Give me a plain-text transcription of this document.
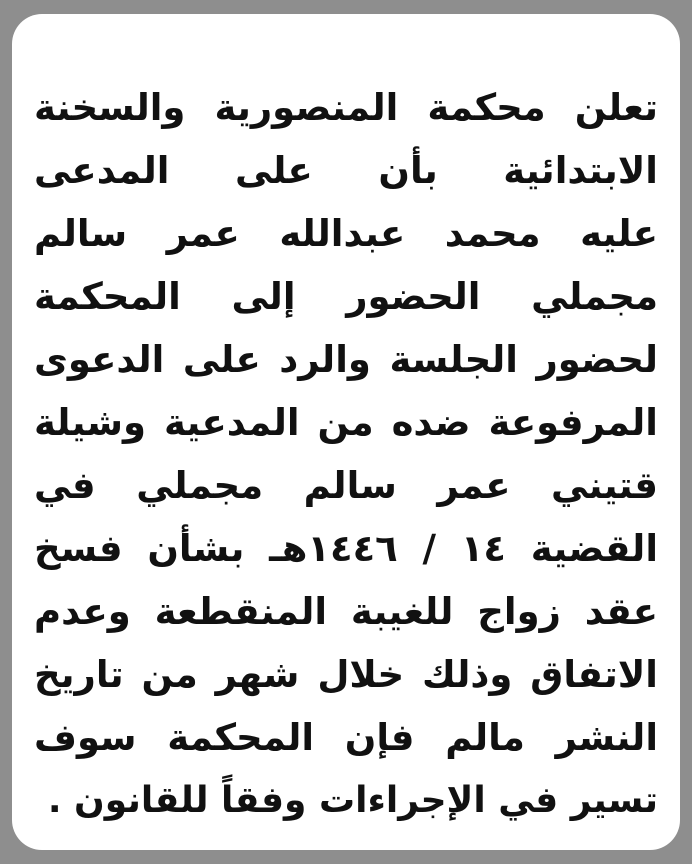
تعلن محكمة المنصورية والسخنة
الابتدائية بأن على المدعى
عليه محمد عبدالله عمر سالم
مجملي الحضور إلى المحكمة
لحضور الجلسة والرد على الدعوى
المرفوعة ضده من المدعية وشيلة
قتيني عمر سالم مجملي في
القضية ١٤ / ١٤٤٦هـ بشأن فسخ
عقد زواج للغيبة المنقطعة وعدم
الاتفاق وذلك خلال شهر من تاريخ
النشر مالم فإن المحكمة سوف
تسير في الإجراءات وفقاً للقانون .
